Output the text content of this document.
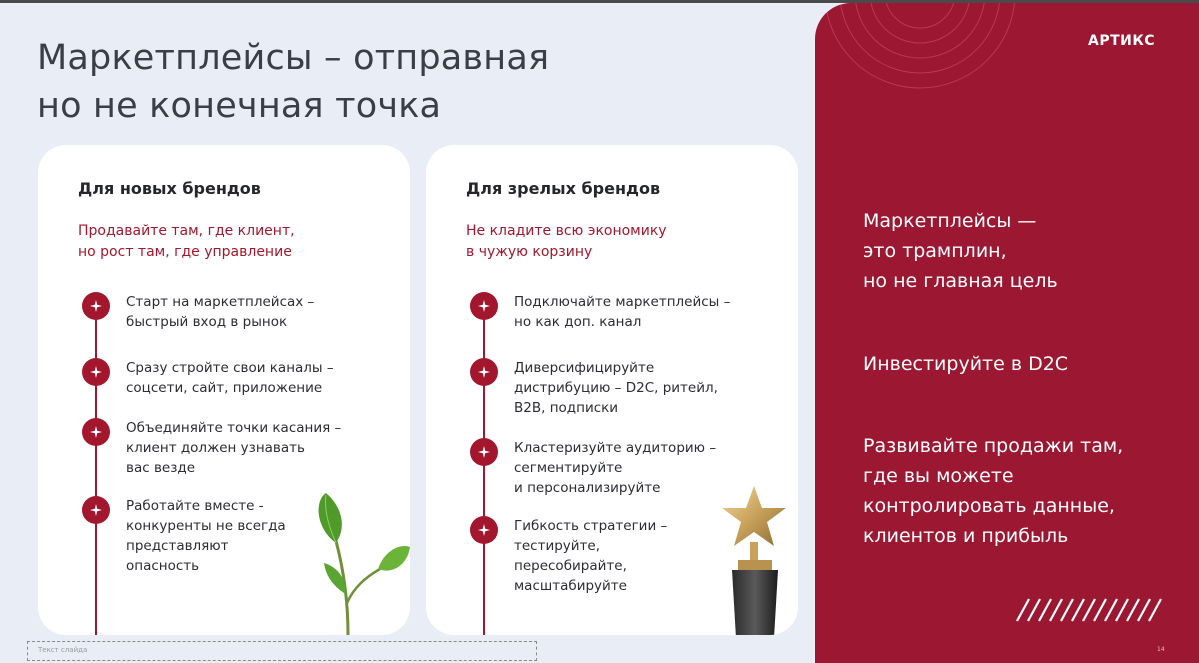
Маркетплейсы – отправная
но не конечная точка
Для новых брендов

Продавайте там, где клиент,
но рост там, где управление

Старт на маркетплейсах –
быстрый вход в рынок
Сразу стройте свои каналы –
соцсети, сайт, приложение
Объединяйте точки касания –
клиент должен узнавать
вас везде
Работайте вместе -
конкуренты не всегда
представляют
опасность
Для зрелых брендов

Не кладите всю экономику
в чужую корзину

Подключайте маркетплейсы –
но как доп. канал
Диверсифицируйте
дистрибуцию – D2C, ритейл,
B2B, подписки
Кластеризуйте аудиторию –
сегментируйте
и персонализируйте
Гибкость стратегии –
тестируйте,
пересобирайте,
масштабируйте

АРТИКС

Маркетплейсы —
это трамплин,
но не главная цель

Инвестируйте в D2C

Развивайте продажи там,
где вы можете
контролировать данные,
клиентов и прибыль

14
Текст слайда
